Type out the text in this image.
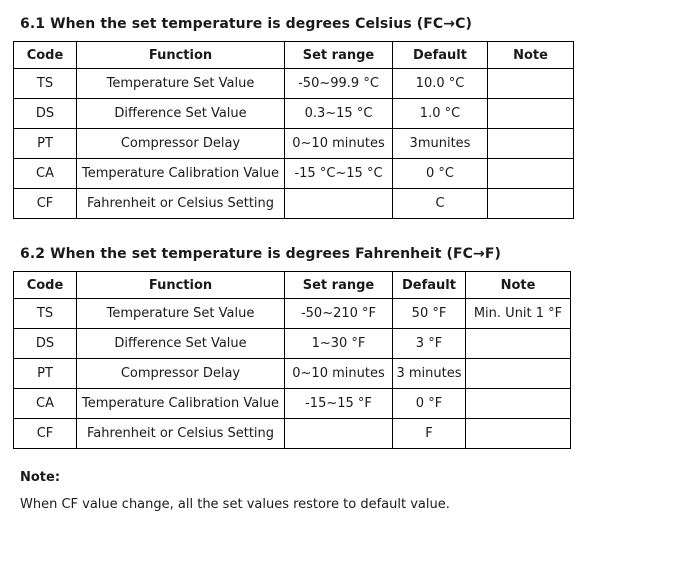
6.1 When the set temperature is degrees Celsius (FC→C)
Code	Function	Set range	Default	Note
TS	Temperature Set Value	-50~99.9 °C	10.0 °C	
DS	Difference Set Value	0.3~15 °C	1.0 °C	
PT	Compressor Delay	0~10 minutes	3munites	
CA	Temperature Calibration Value	-15 °C~15 °C	0 °C	
CF	Fahrenheit or Celsius Setting		C	
6.2 When the set temperature is degrees Fahrenheit (FC→F)
Code	Function	Set range	Default	Note
TS	Temperature Set Value	-50~210 °F	50 °F	Min. Unit 1 °F
DS	Difference Set Value	1~30 °F	3 °F	
PT	Compressor Delay	0~10 minutes	3 minutes	
CA	Temperature Calibration Value	-15~15 °F	0 °F	
CF	Fahrenheit or Celsius Setting		F	

Note:

When CF value change, all the set values restore to default value.
